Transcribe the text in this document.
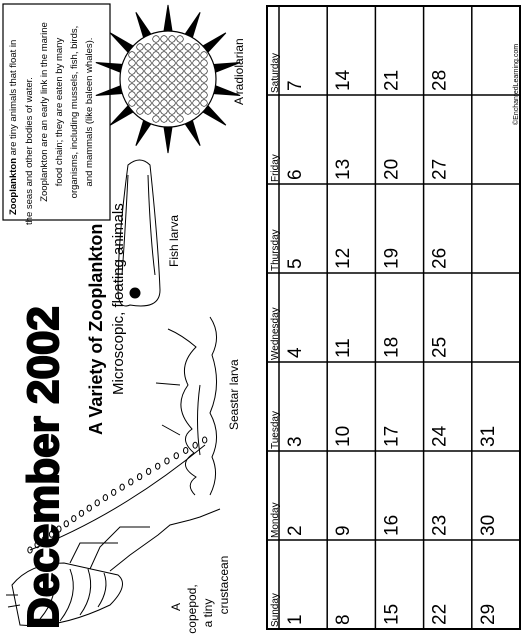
Sunday
Monday
Tuesday
Wednesday
Thursday
Friday
Saturday
1
2
3
4
5
6
7
8
9
10
11
12
13
14
15
16
17
18
19
20
21
22
23
24
25
26
27
28
29
30
31
December 2002 A Variety of Zooplankton Microscopic, floating animals
Zooplankton are tiny animals that float in the seas and other bodies of water. Zooplankton are an early link in the marine food chain; they are eaten by many organisms, including mussels, fish, birds, and mammals (like baleen whales).
A copepod, a tiny crustacean
Seastar larva
Fish larva
A radiolarian	©EnchantedLearning.com
